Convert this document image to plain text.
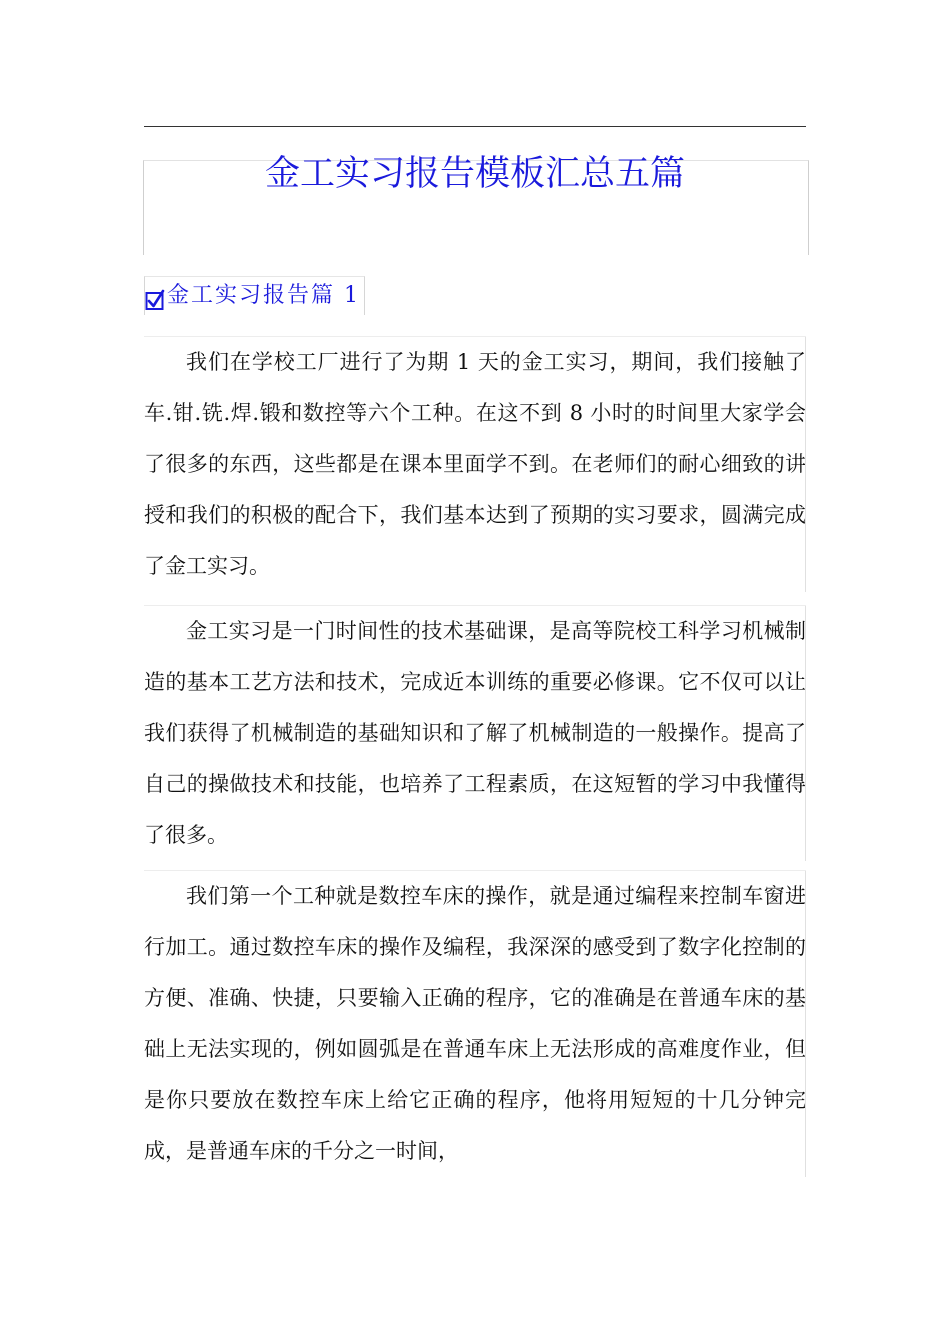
金工实习报告模板汇总五篇
金工实习报告篇 1

我们在学校工厂进行了为期 1 天的金工实习，期间，我们接触了车.钳.铣.焊.锻和数控等六个工种。在这不到 8 小时的时间里大家学会了很多的东西，这些都是在课本里面学不到。在老师们的耐心细致的讲授和我们的积极的配合下，我们基本达到了预期的实习要求，圆满完成了金工实习。

金工实习是一门时间性的技术基础课，是高等院校工科学习机械制造的基本工艺方法和技术，完成近本训练的重要必修课。它不仅可以让我们获得了机械制造的基础知识和了解了机械制造的一般操作。提高了自己的操做技术和技能，也培养了工程素质，在这短暂的学习中我懂得了很多。

我们第一个工种就是数控车床的操作，就是通过编程来控制车窗进行加工。通过数控车床的操作及编程，我深深的感受到了数字化控制的方便、准确、快捷，只要输入正确的程序，它的准确是在普通车床的基础上无法实现的，例如圆弧是在普通车床上无法形成的高难度作业，但是你只要放在数控车床上给它正确的程序，他将用短短的十几分钟完成，是普通车床的千分之一时间，
